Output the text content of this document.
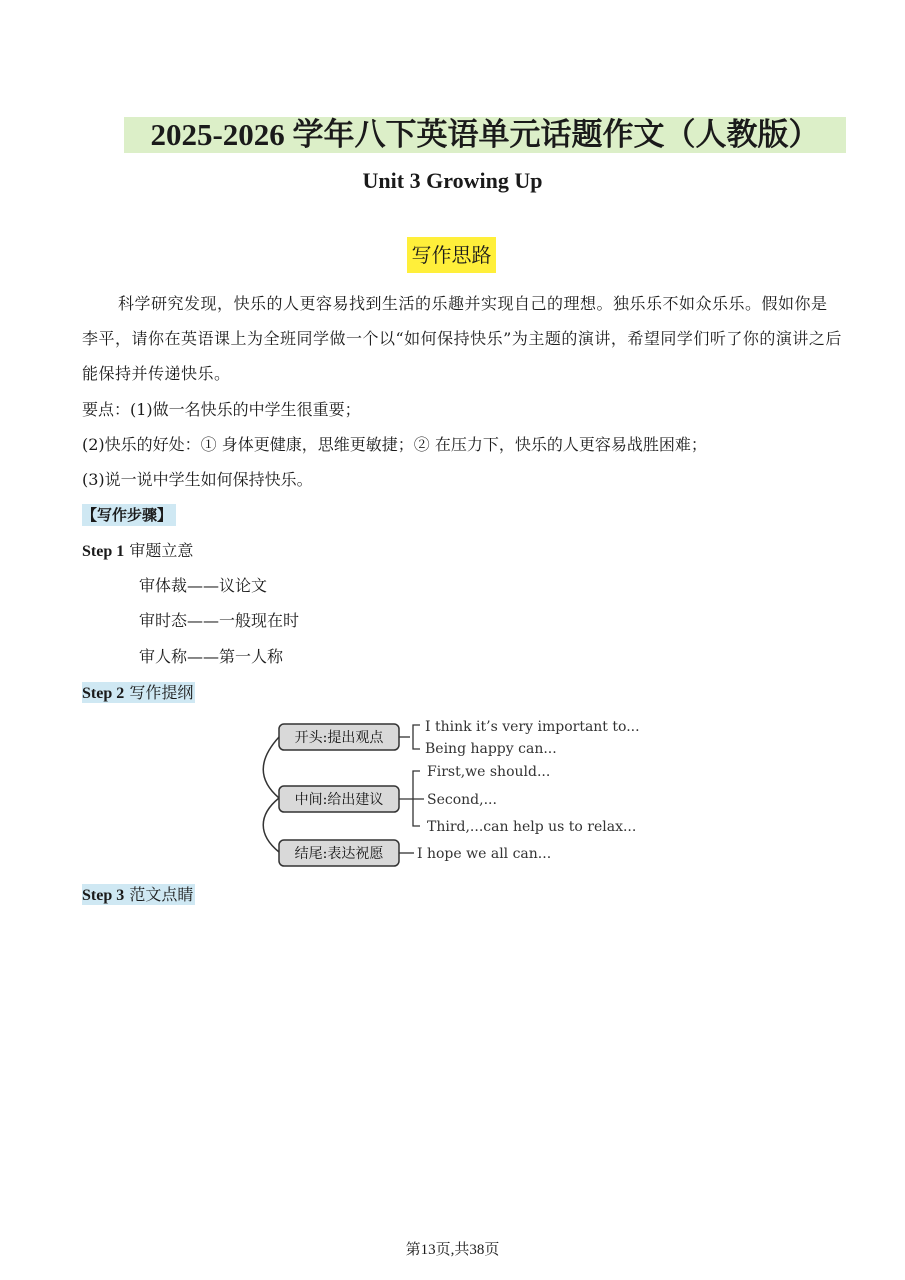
2025-2026 学年八下英语单元话题作文（人教版）
Unit 3 Growing Up
写作思路
科学研究发现，快乐的人更容易找到生活的乐趣并实现自己的理想。独乐乐不如众乐乐。假如你是李平，请你在英语课上为全班同学做一个以“如何保持快乐”为主题的演讲，希望同学们听了你的演讲之后能保持并传递快乐。
要点：(1)做一名快乐的中学生很重要；
(2)快乐的好处：① 身体更健康，思维更敏捷；② 在压力下，快乐的人更容易战胜困难；
(3)说一说中学生如何保持快乐。
【写作步骤】
Step 1 审题立意
审体裁——议论文
审时态——一般现在时
审人称——第一人称
Step 2 写作提纲
开头:提出观点
中间:给出建议
结尾:表达祝愿
I think it’s very important to...
Being happy can...
First,we should...
Second,...
Third,...can help us to relax...
I hope we all can...
Step 3 范文点睛
第13页,共38页
